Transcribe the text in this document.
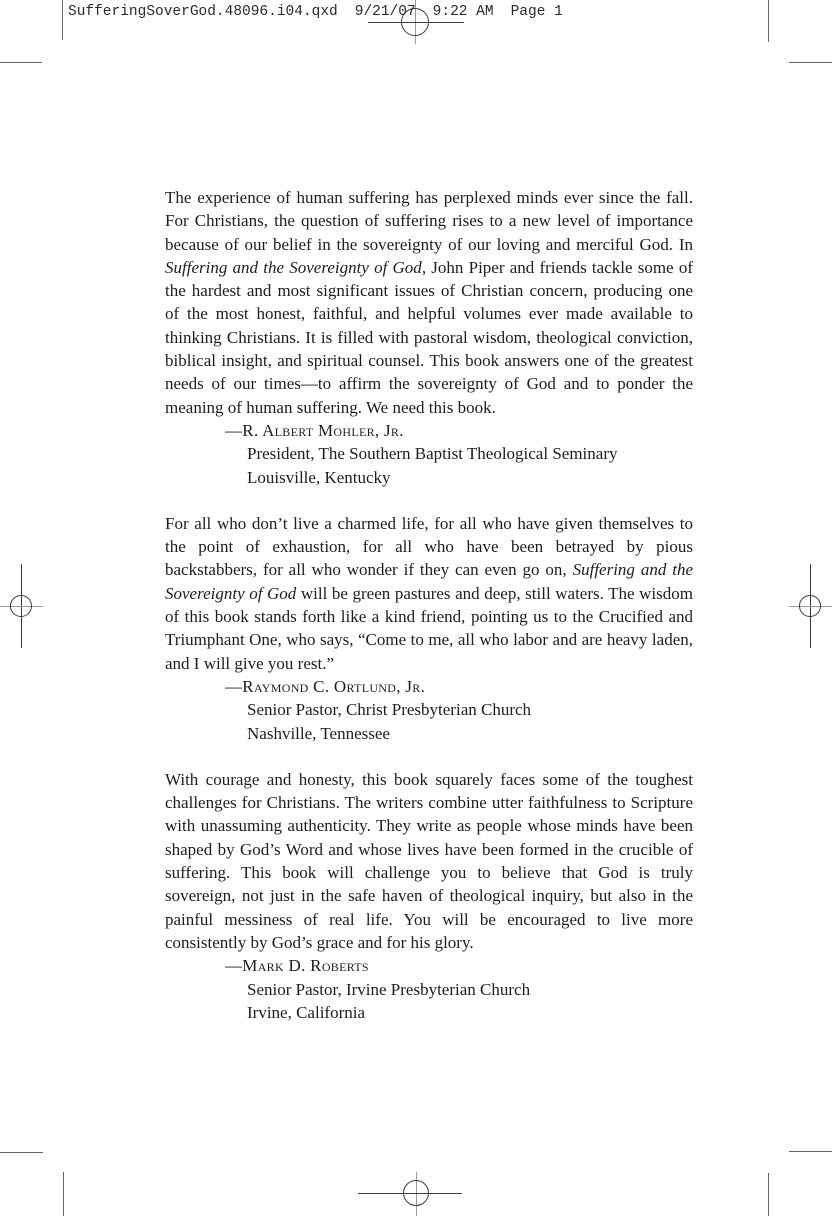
SufferingSoverGod.48096.i04.qxd 9/21/07 9:22 AM Page 1

The experience of human suffering has perplexed minds ever since the fall. For Christians, the question of suffering rises to a new level of importance because of our belief in the sovereignty of our loving and merciful God. In Suffering and the Sovereignty of God, John Piper and friends tackle some of the hardest and most significant issues of Christian concern, producing one of the most honest, faithful, and helpful volumes ever made available to thinking Christians. It is filled with pastoral wisdom, theological conviction, biblical insight, and spiritual counsel. This book answers one of the greatest needs of our times—to affirm the sovereignty of God and to ponder the meaning of human suffering. We need this book.

—R. Albert Mohler, Jr.
President, The Southern Baptist Theological Seminary
Louisville, Kentucky

For all who don’t live a charmed life, for all who have given themselves to the point of exhaustion, for all who have been betrayed by pious backstabbers, for all who wonder if they can even go on, Suffering and the Sovereignty of God will be green pastures and deep, still waters. The wisdom of this book stands forth like a kind friend, pointing us to the Crucified and Triumphant One, who says, “Come to me, all who labor and are heavy laden, and I will give you rest.”

—Raymond C. Ortlund, Jr.
Senior Pastor, Christ Presbyterian Church
Nashville, Tennessee

With courage and honesty, this book squarely faces some of the toughest challenges for Christians. The writers combine utter faithfulness to Scripture with unassuming authenticity. They write as people whose minds have been shaped by God’s Word and whose lives have been formed in the crucible of suffering. This book will challenge you to believe that God is truly sovereign, not just in the safe haven of theological inquiry, but also in the painful messiness of real life. You will be encouraged to live more consistently by God’s grace and for his glory.

—Mark D. Roberts
Senior Pastor, Irvine Presbyterian Church
Irvine, California
